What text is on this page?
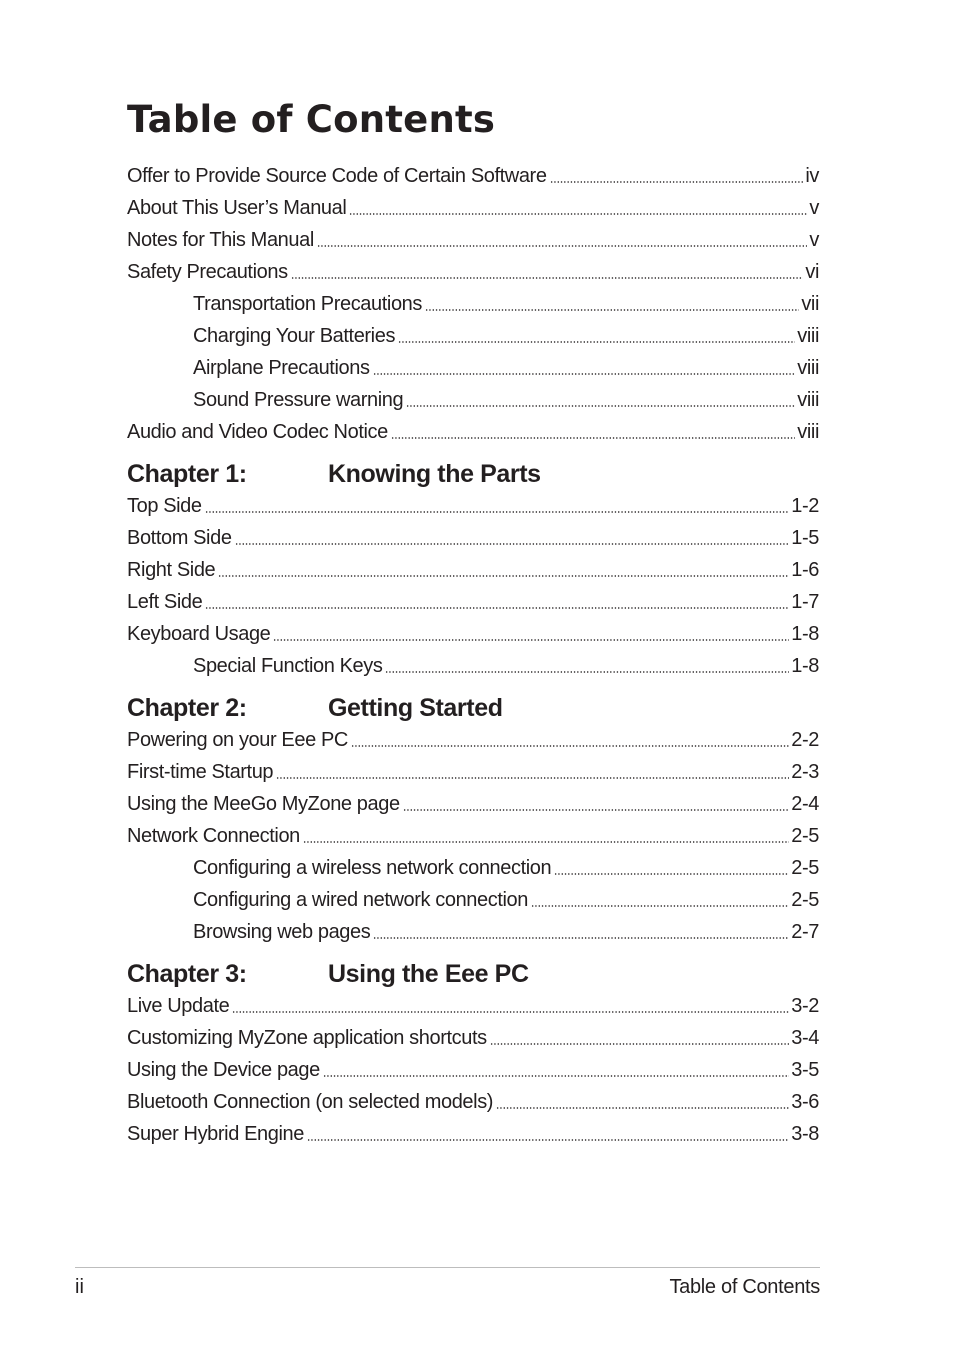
Table of Contents
Offer to Provide Source Code of Certain Software	iv
About This User’s Manual	v
Notes for This Manual	v
Safety Precautions	vi
Transportation Precautions	vii
Charging Your Batteries	viii
Airplane Precautions	viii
Sound Pressure warning	viii
Audio and Video Codec Notice	viii
Chapter 1:	Knowing the Parts
Top Side	1-2
Bottom Side	1-5
Right Side	1-6
Left Side	1-7
Keyboard Usage	1-8
Special Function Keys	1-8
Chapter 2:	Getting Started
Powering on your Eee PC	2-2
First-time Startup	2-3
Using the MeeGo MyZone page	2-4
Network Connection	2-5
Configuring a wireless network connection	2-5
Configuring a wired network connection	2-5
Browsing web pages	2-7
Chapter 3:	Using the Eee PC
Live Update	3-2
Customizing MyZone application shortcuts	3-4
Using the Device page	3-5
Bluetooth Connection (on selected models)	3-6
Super Hybrid Engine	3-8
ii	Table of Contents
